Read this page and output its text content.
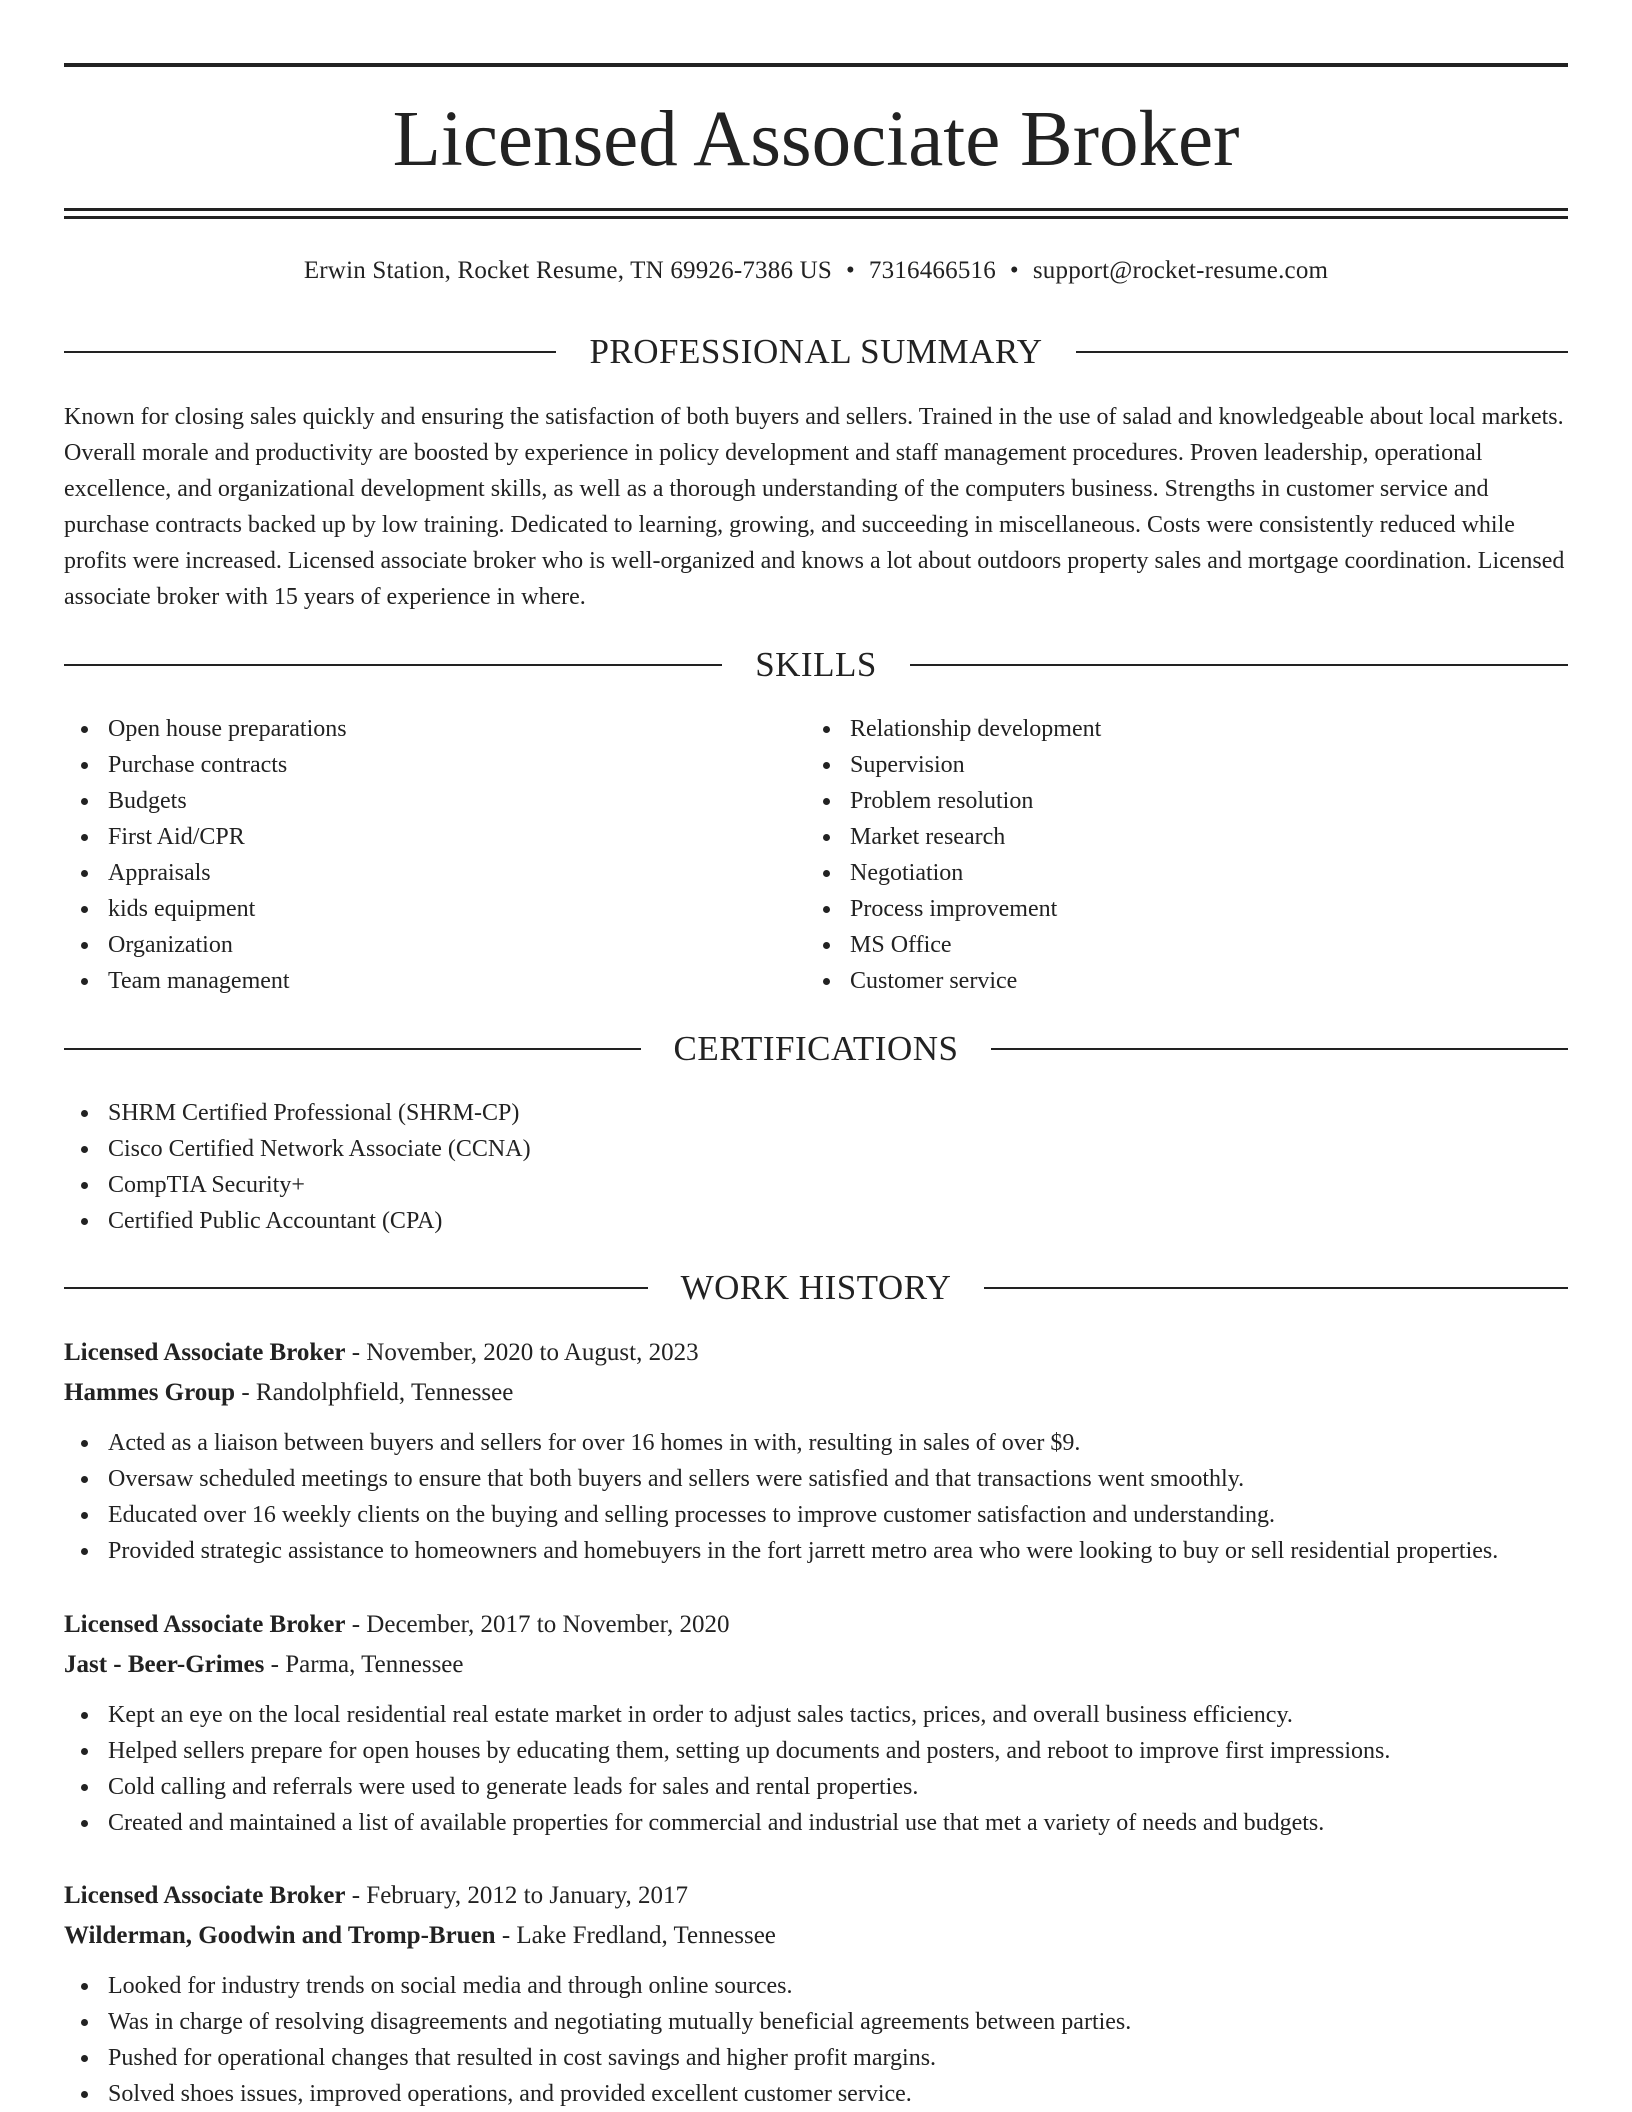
Licensed Associate Broker
Erwin Station, Rocket Resume, TN 69926-7386 US • 7316466516 • support@rocket-resume.com
PROFESSIONAL SUMMARY

Known for closing sales quickly and ensuring the satisfaction of both buyers and sellers. Trained in the use of salad and knowledgeable about local markets. Overall morale and productivity are boosted by experience in policy development and staff management procedures. Proven leadership, operational excellence, and organizational development skills, as well as a thorough understanding of the computers business. Strengths in customer service and purchase contracts backed up by low training. Dedicated to learning, growing, and succeeding in miscellaneous. Costs were consistently reduced while profits were increased. Licensed associate broker who is well-organized and knows a lot about outdoors property sales and mortgage coordination. Licensed associate broker with 15 years of experience in where.

SKILLS
Open house preparations
Purchase contracts
Budgets
First Aid/CPR
Appraisals
kids equipment
Organization
Team management
Relationship development
Supervision
Problem resolution
Market research
Negotiation
Process improvement
MS Office
Customer service
CERTIFICATIONS
SHRM Certified Professional (SHRM-CP)
Cisco Certified Network Associate (CCNA)
CompTIA Security+
Certified Public Accountant (CPA)
WORK HISTORY
Licensed Associate Broker - November, 2020 to August, 2023
Hammes Group - Randolphfield, Tennessee
Acted as a liaison between buyers and sellers for over 16 homes in with, resulting in sales of over $9.
Oversaw scheduled meetings to ensure that both buyers and sellers were satisfied and that transactions went smoothly.
Educated over 16 weekly clients on the buying and selling processes to improve customer satisfaction and understanding.
Provided strategic assistance to homeowners and homebuyers in the fort jarrett metro area who were looking to buy or sell residential properties.
Licensed Associate Broker - December, 2017 to November, 2020
Jast - Beer-Grimes - Parma, Tennessee
Kept an eye on the local residential real estate market in order to adjust sales tactics, prices, and overall business efficiency.
Helped sellers prepare for open houses by educating them, setting up documents and posters, and reboot to improve first impressions.
Cold calling and referrals were used to generate leads for sales and rental properties.
Created and maintained a list of available properties for commercial and industrial use that met a variety of needs and budgets.
Licensed Associate Broker - February, 2012 to January, 2017
Wilderman, Goodwin and Tromp-Bruen - Lake Fredland, Tennessee
Looked for industry trends on social media and through online sources.
Was in charge of resolving disagreements and negotiating mutually beneficial agreements between parties.
Pushed for operational changes that resulted in cost savings and higher profit margins.
Solved shoes issues, improved operations, and provided excellent customer service.
